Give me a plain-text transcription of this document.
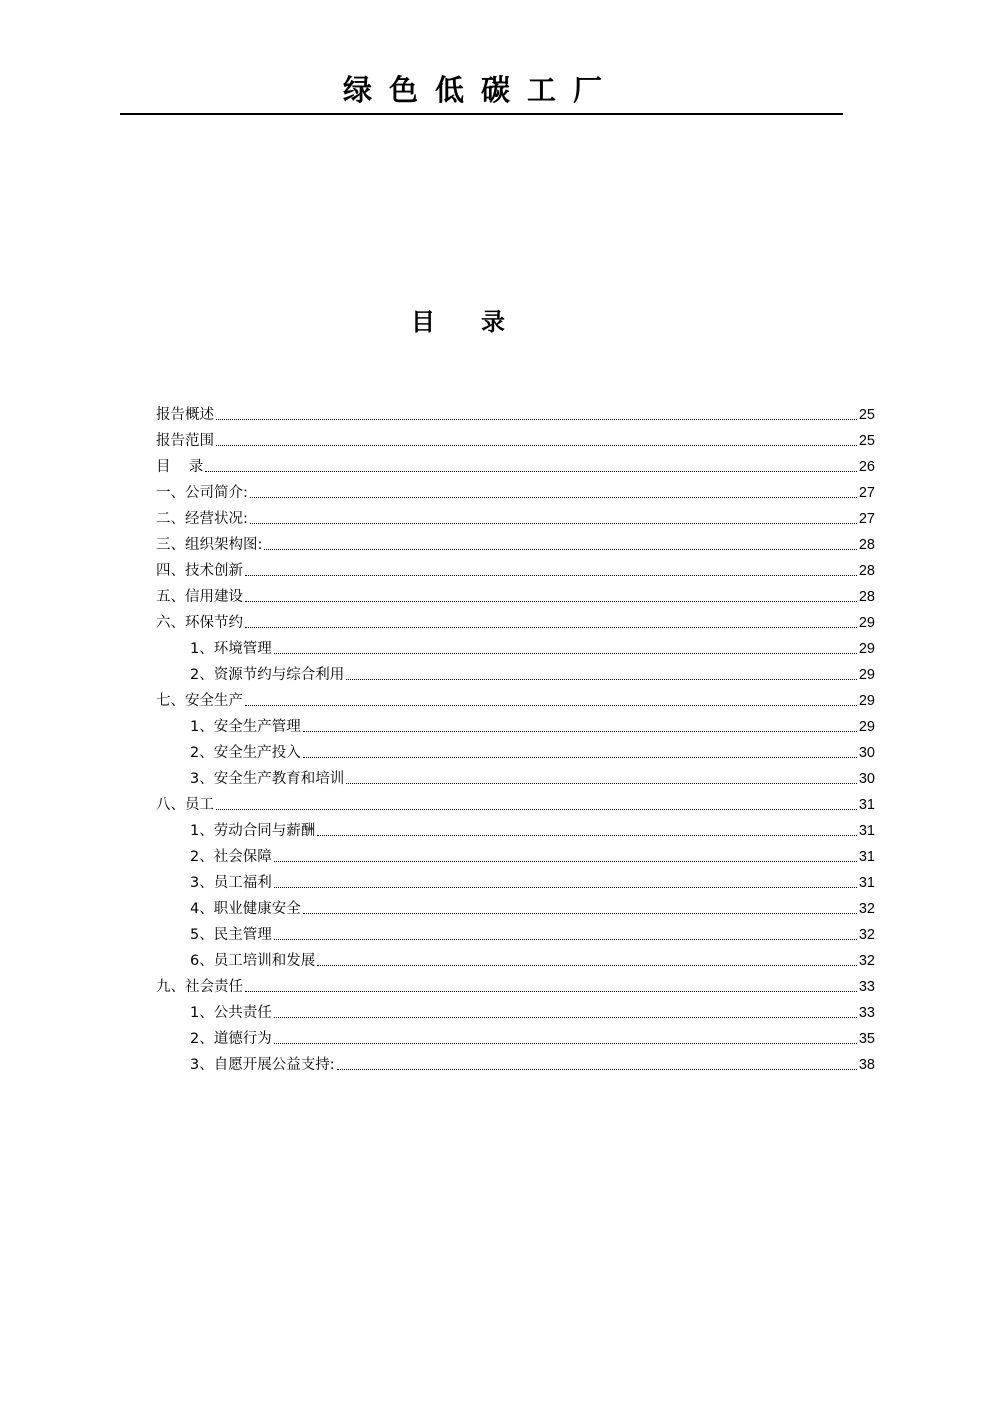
绿色低碳工厂
目录
报告概述	25
报告范围	25
目    录	26
一、公司简介:	27
二、经营状况:	27
三、组织架构图:	28
四、技术创新	28
五、信用建设	28
六、环保节约	29
1、环境管理	29
2、资源节约与综合利用	29
七、安全生产	29
1、安全生产管理	29
2、安全生产投入	30
3、安全生产教育和培训	30
八、员工	31
1、劳动合同与薪酬	31
2、社会保障	31
3、员工福利	31
4、职业健康安全	32
5、民主管理	32
6、员工培训和发展	32
九、社会责任	33
1、公共责任	33
2、道德行为	35
3、自愿开展公益支持:	38
